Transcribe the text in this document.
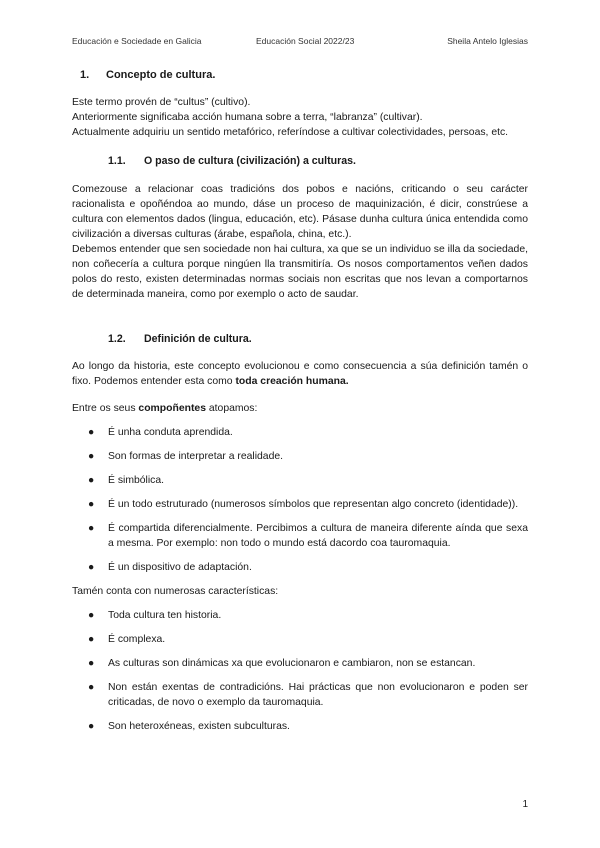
Educación e Sociedade en Galicia	Educación Social 2022/23	Sheila Antelo Iglesias
1.	Concepto de cultura.

Este termo provén de “cultus” (cultivo).

Anteriormente significaba acción humana sobre a terra, “labranza” (cultivar).

Actualmente adquiriu un sentido metafórico, referíndose a cultivar colectividades, persoas, etc.

1.1.	O paso de cultura (civilización) a culturas.

Comezouse a relacionar coas tradicións dos pobos e nacións, criticando o seu carácter racionalista e opoñéndoa ao mundo, dáse un proceso de maquinización, é dicir, constrúese a cultura con elementos dados (lingua, educación, etc). Pásase dunha cultura única entendida como civilización a diversas culturas (árabe, española, china, etc.).

Debemos entender que sen sociedade non hai cultura, xa que se un individuo se illa da sociedade, non coñecería a cultura porque ningúen lla transmitiría. Os nosos comportamentos veñen dados polos do resto, existen determinadas normas sociais non escritas que nos levan a comportarnos de determinada maneira, como por exemplo o acto de saudar.

1.2.	Definición de cultura.

Ao longo da historia, este concepto evolucionou e como consecuencia a súa definición tamén o fixo. Podemos entender esta como toda creación humana.

Entre os seus compoñentes atopamos:

● É unha conduta aprendida.
● Son formas de interpretar a realidade.
● É simbólica.
● É un todo estruturado (numerosos símbolos que representan algo concreto (identidade)).
● É compartida diferencialmente. Percibimos a cultura de maneira diferente aínda que sexa a mesma. Por exemplo: non todo o mundo está dacordo coa tauromaquia.
● É un dispositivo de adaptación.

Tamén conta con numerosas características:

● Toda cultura ten historia.
● É complexa.
● As culturas son dinámicas xa que evolucionaron e cambiaron, non se estancan.
● Non están exentas de contradicións. Hai prácticas que non evolucionaron e poden ser criticadas, de novo o exemplo da tauromaquia.
● Son heteroxéneas, existen subculturas.
1
